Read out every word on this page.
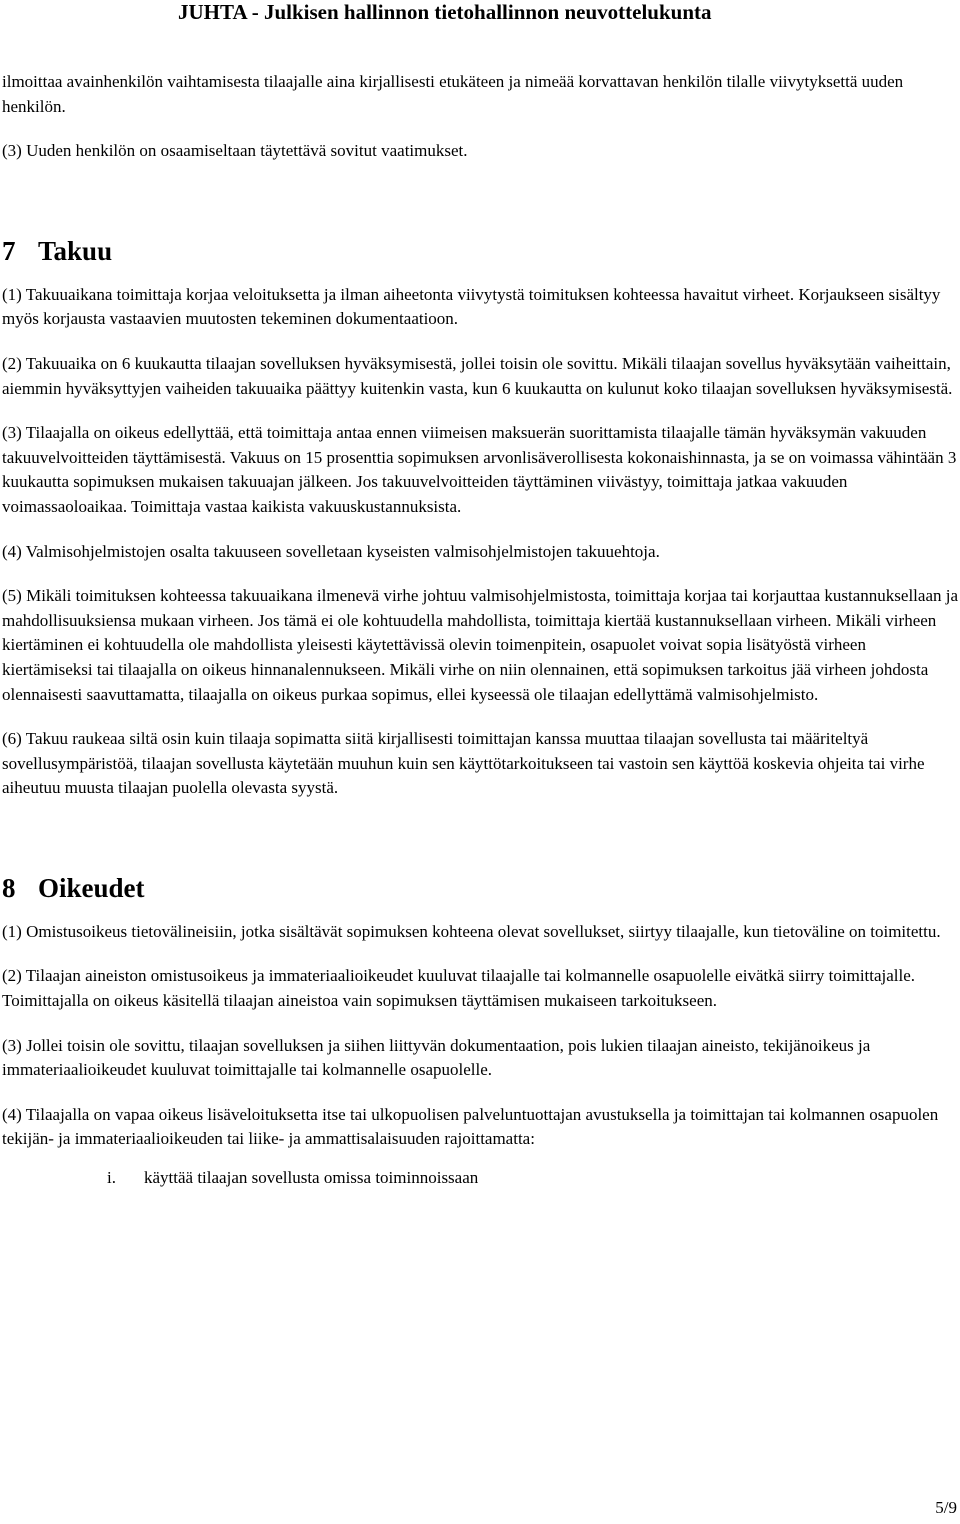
JUHTA - Julkisen hallinnon tietohallinnon neuvottelukunta

ilmoittaa avainhenkilön vaihtamisesta tilaajalle aina kirjallisesti etukäteen ja nimeää korvattavan henkilön tilalle viivytyksettä uuden henkilön.

(3) Uuden henkilön on osaamiseltaan täytettävä sovitut vaatimukset.

7 Takuu

(1) Takuuaikana toimittaja korjaa veloituksetta ja ilman aiheetonta viivytystä toimituksen kohteessa havaitut virheet. Korjaukseen sisältyy myös korjausta vastaavien muutosten tekeminen dokumentaatioon.

(2) Takuuaika on 6 kuukautta tilaajan sovelluksen hyväksymisestä, jollei toisin ole sovittu. Mikäli tilaajan sovellus hyväksytään vaiheittain, aiemmin hyväksyttyjen vaiheiden takuuaika päättyy kuitenkin vasta, kun 6 kuukautta on kulunut koko tilaajan sovelluksen hyväksymisestä.

(3) Tilaajalla on oikeus edellyttää, että toimittaja antaa ennen viimeisen maksuerän suorittamista tilaajalle tämän hyväksymän vakuuden takuuvelvoitteiden täyttämisestä. Vakuus on 15 prosenttia sopimuksen arvonlisäverollisesta kokonaishinnasta, ja se on voimassa vähintään 3 kuukautta sopimuksen mukaisen takuuajan jälkeen. Jos takuuvelvoitteiden täyttäminen viivästyy, toimittaja jatkaa vakuuden voimassaoloaikaa. Toimittaja vastaa kaikista vakuuskustannuksista.

(4) Valmisohjelmistojen osalta takuuseen sovelletaan kyseisten valmisohjelmistojen takuuehtoja.

(5) Mikäli toimituksen kohteessa takuuaikana ilmenevä virhe johtuu valmisohjelmistosta, toimittaja korjaa tai korjauttaa kustannuksellaan ja mahdollisuuksiensa mukaan virheen. Jos tämä ei ole kohtuudella mahdollista, toimittaja kiertää kustannuksellaan virheen. Mikäli virheen kiertäminen ei kohtuudella ole mahdollista yleisesti käytettävissä olevin toimenpitein, osapuolet voivat sopia lisätyöstä virheen kiertämiseksi tai tilaajalla on oikeus hinnanalennukseen. Mikäli virhe on niin olennainen, että sopimuksen tarkoitus jää virheen johdosta olennaisesti saavuttamatta, tilaajalla on oikeus purkaa sopimus, ellei kyseessä ole tilaajan edellyttämä valmisohjelmisto.

(6) Takuu raukeaa siltä osin kuin tilaaja sopimatta siitä kirjallisesti toimittajan kanssa muuttaa tilaajan sovellusta tai määriteltyä sovellusympäristöä, tilaajan sovellusta käytetään muuhun kuin sen käyttötarkoitukseen tai vastoin sen käyttöä koskevia ohjeita tai virhe aiheutuu muusta tilaajan puolella olevasta syystä.

8 Oikeudet

(1) Omistusoikeus tietovälineisiin, jotka sisältävät sopimuksen kohteena olevat sovellukset, siirtyy tilaajalle, kun tietoväline on toimitettu.

(2) Tilaajan aineiston omistusoikeus ja immateriaalioikeudet kuuluvat tilaajalle tai kolmannelle osapuolelle eivätkä siirry toimittajalle. Toimittajalla on oikeus käsitellä tilaajan aineistoa vain sopimuksen täyttämisen mukaiseen tarkoitukseen.

(3) Jollei toisin ole sovittu, tilaajan sovelluksen ja siihen liittyvän dokumentaation, pois lukien tilaajan aineisto, tekijänoikeus ja immateriaalioikeudet kuuluvat toimittajalle tai kolmannelle osapuolelle.

(4) Tilaajalla on vapaa oikeus lisäveloituksetta itse tai ulkopuolisen palveluntuottajan avustuksella ja toimittajan tai kolmannen osapuolen tekijän- ja immateriaalioikeuden tai liike- ja ammattisalaisuuden rajoittamatta:

i.	käyttää tilaajan sovellusta omissa toiminnoissaan
5/9
